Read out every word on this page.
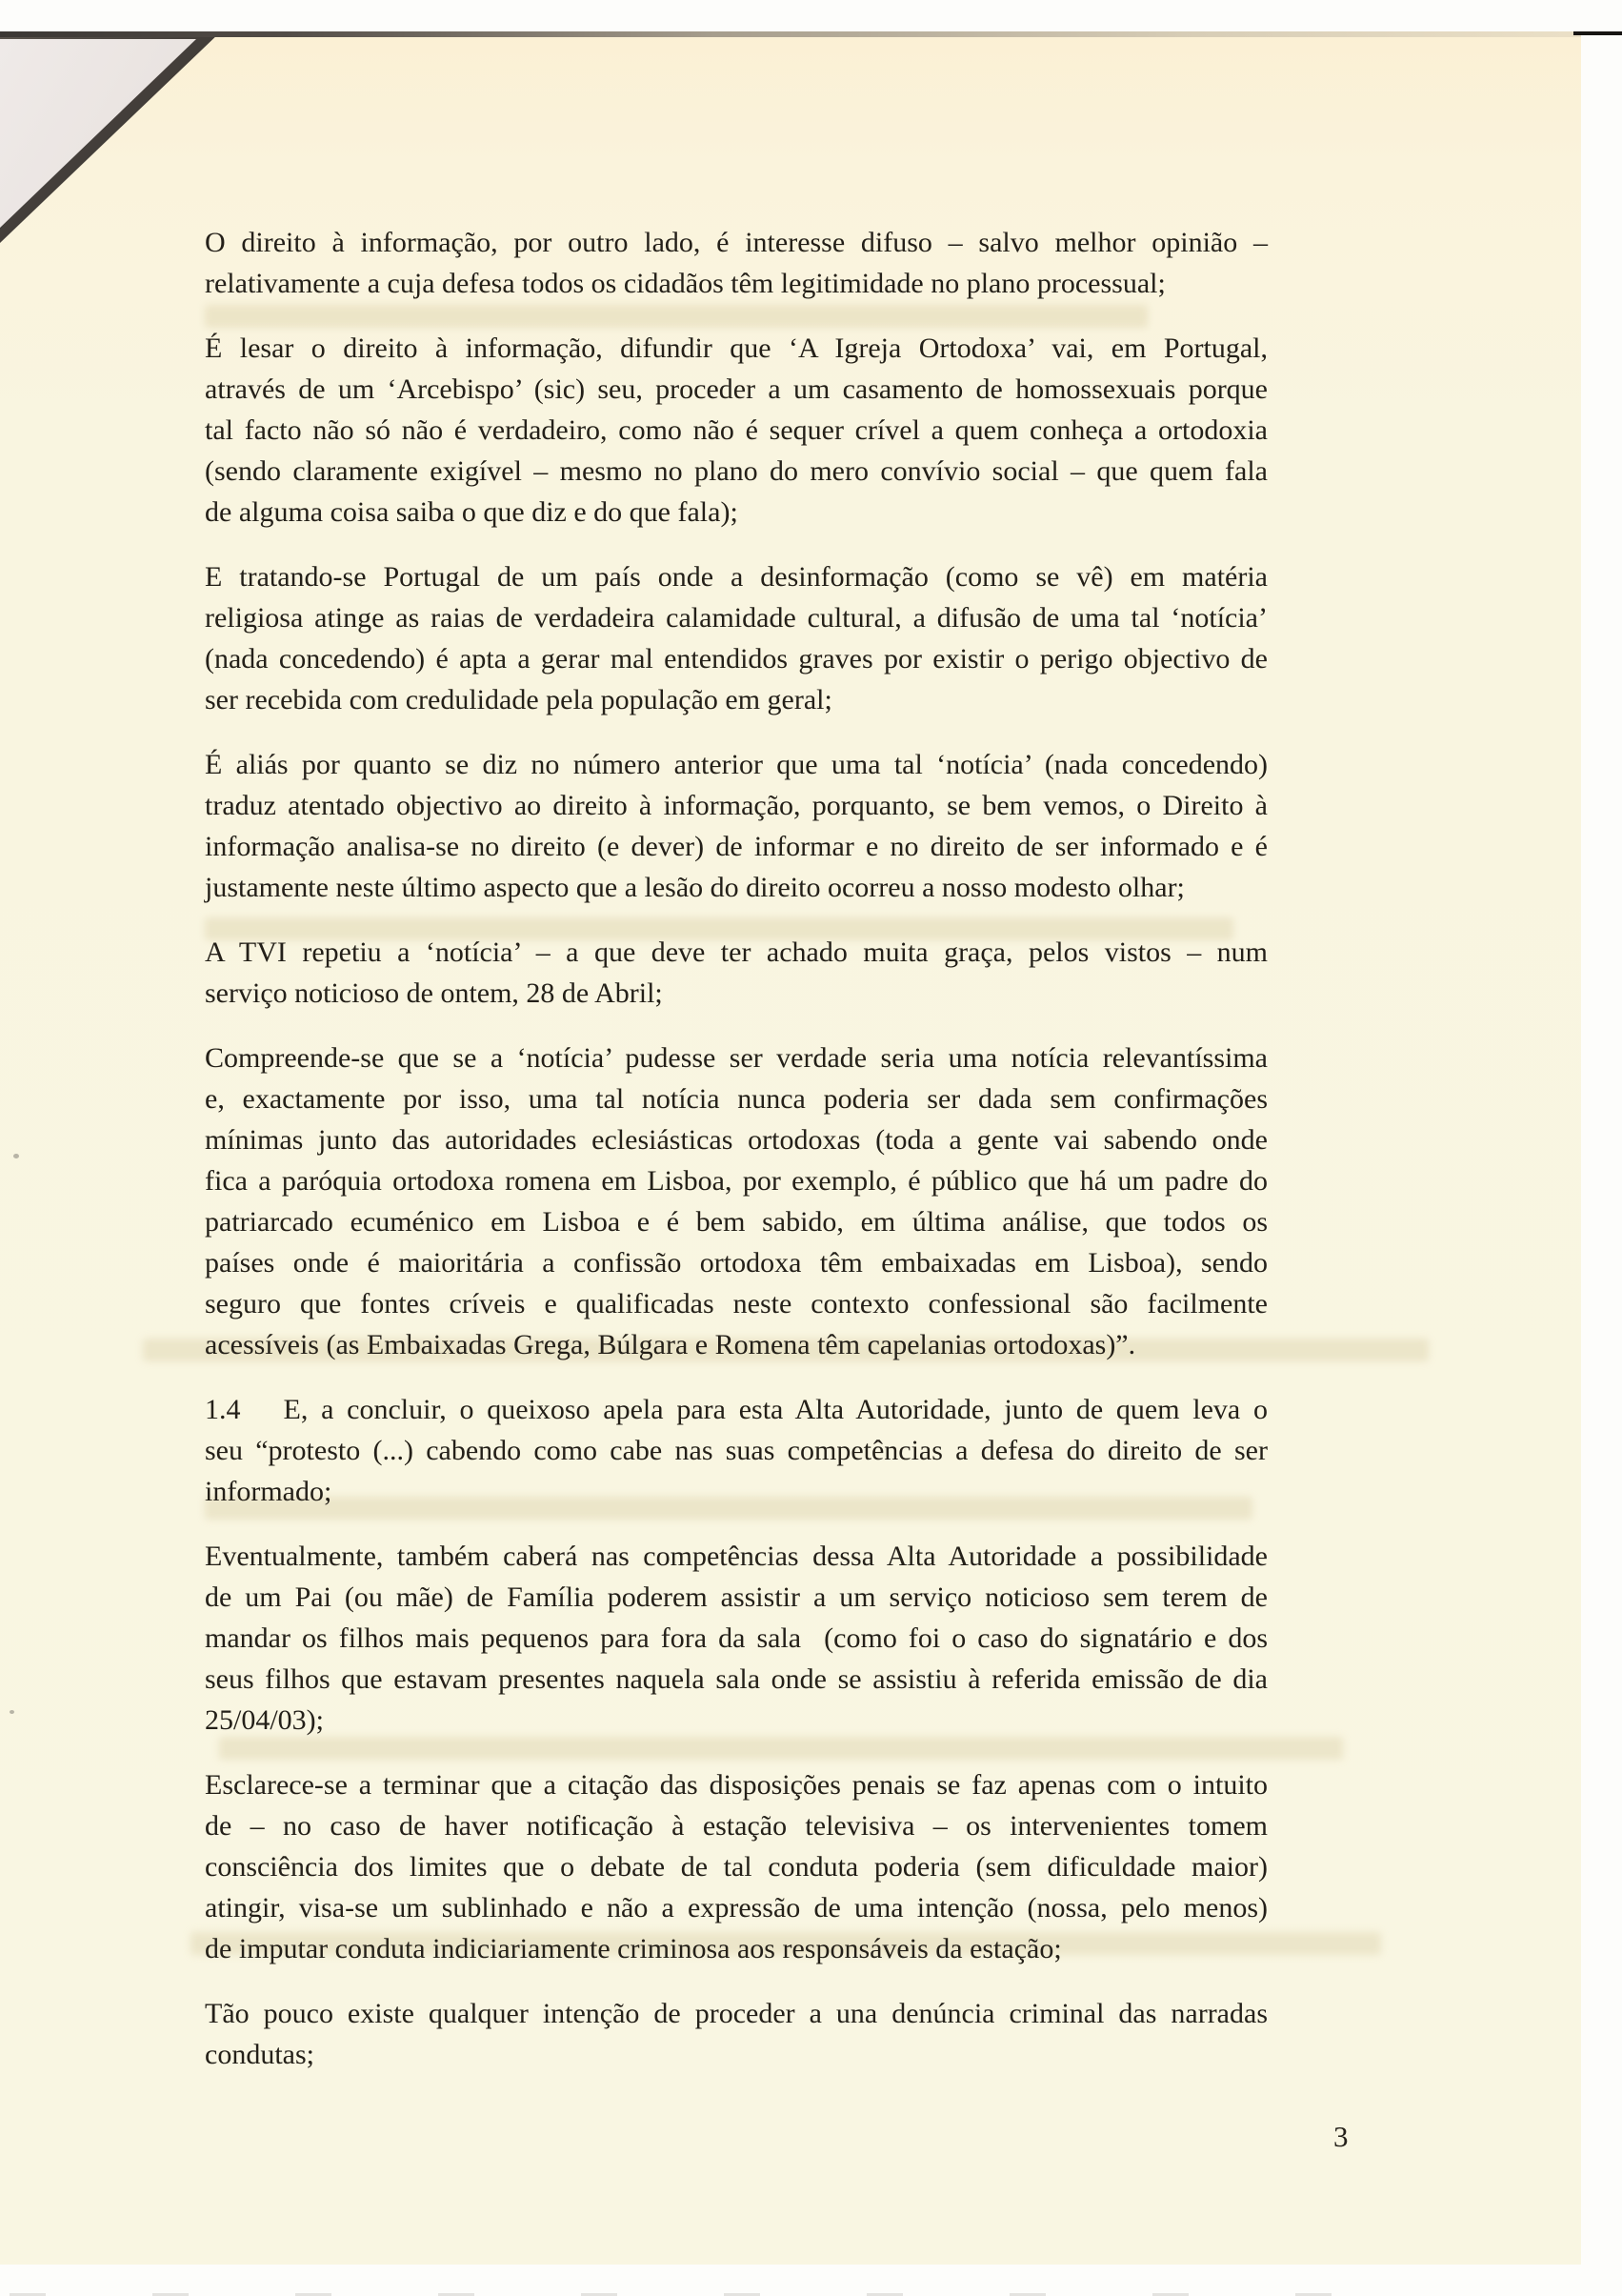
O direito à informação, por outro lado, é interesse difuso – salvo melhor opinião –
relativamente a cuja defesa todos os cidadãos têm legitimidade no plano processual;
É lesar o direito à informação, difundir que ‘A Igreja Ortodoxa’ vai, em Portugal,
através de um ‘Arcebispo’ (sic) seu, proceder a um casamento de homossexuais porque
tal facto não só não é verdadeiro, como não é sequer crível a quem conheça a ortodoxia
(sendo claramente exigível – mesmo no plano do mero convívio social – que quem fala
de alguma coisa saiba o que diz e do que fala);
E tratando-se Portugal de um país onde a desinformação (como se vê) em matéria
religiosa atinge as raias de verdadeira calamidade cultural, a difusão de uma tal ‘notícia’
(nada concedendo) é apta a gerar mal entendidos graves por existir o perigo objectivo de
ser recebida com credulidade pela população em geral;
É aliás por quanto se diz no número anterior que uma tal ‘notícia’ (nada concedendo)
traduz atentado objectivo ao direito à informação, porquanto, se bem vemos, o Direito à
informação analisa-se no direito (e dever) de informar e no direito de ser informado e é
justamente neste último aspecto que a lesão do direito ocorreu a nosso modesto olhar;
A TVI repetiu a ‘notícia’ – a que deve ter achado muita graça, pelos vistos – num
serviço noticioso de ontem, 28 de Abril;
Compreende-se que se a ‘notícia’ pudesse ser verdade seria uma notícia relevantíssima
e, exactamente por isso, uma tal notícia nunca poderia ser dada sem confirmações
mínimas junto das autoridades eclesiásticas ortodoxas (toda a gente vai sabendo onde
fica a paróquia ortodoxa romena em Lisboa, por exemplo, é público que há um padre do
patriarcado ecuménico em Lisboa e é bem sabido, em última análise, que todos os
países onde é maioritária a confissão ortodoxa têm embaixadas em Lisboa), sendo
seguro que fontes críveis e qualificadas neste contexto confessional são facilmente
acessíveis (as Embaixadas Grega, Búlgara e Romena têm capelanias ortodoxas)”.
1.4  E, a concluir, o queixoso apela para esta Alta Autoridade, junto de quem leva o
seu “protesto (...) cabendo como cabe nas suas competências a defesa do direito de ser
informado;
Eventualmente, também caberá nas competências dessa Alta Autoridade a possibilidade
de um Pai (ou mãe) de Família poderem assistir a um serviço noticioso sem terem de
mandar os filhos mais pequenos para fora da sala  (como foi o caso do signatário e dos
seus filhos que estavam presentes naquela sala onde se assistiu à referida emissão de dia
25/04/03);
Esclarece-se a terminar que a citação das disposições penais se faz apenas com o intuito
de – no caso de haver notificação à estação televisiva – os intervenientes tomem
consciência dos limites que o debate de tal conduta poderia (sem dificuldade maior)
atingir, visa-se um sublinhado e não a expressão de uma intenção (nossa, pelo menos)
de imputar conduta indiciariamente criminosa aos responsáveis da estação;
Tão pouco existe qualquer intenção de proceder a una denúncia criminal das narradas
condutas;
3
